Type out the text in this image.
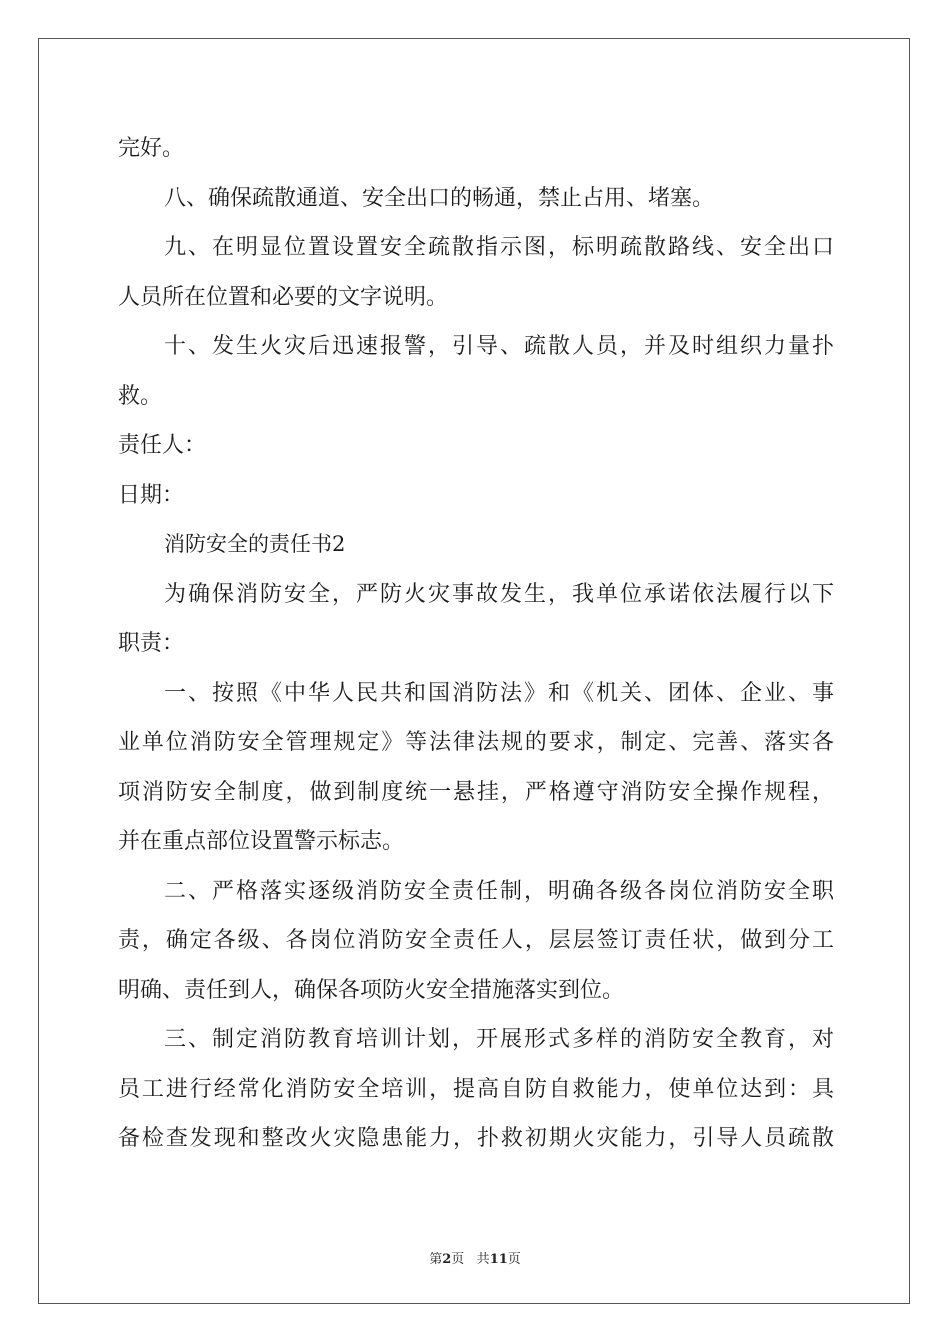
完好。
八、确保疏散通道、安全出口的畅通，禁止占用、堵塞。
九、在明显位置设置安全疏散指示图，标明疏散路线、安全出口
人员所在位置和必要的文字说明。
十、发生火灾后迅速报警，引导、疏散人员，并及时组织力量扑
救。
责任人：
日期：
消防安全的责任书2
为确保消防安全，严防火灾事故发生，我单位承诺依法履行以下
职责：
一、按照《中华人民共和国消防法》和《机关、团体、企业、事
业单位消防安全管理规定》等法律法规的要求，制定、完善、落实各
项消防安全制度，做到制度统一悬挂，严格遵守消防安全操作规程，
并在重点部位设置警示标志。
二、严格落实逐级消防安全责任制，明确各级各岗位消防安全职
责，确定各级、各岗位消防安全责任人，层层签订责任状，做到分工
明确、责任到人，确保各项防火安全措施落实到位。
三、制定消防教育培训计划，开展形式多样的消防安全教育，对
员工进行经常化消防安全培训，提高自防自救能力，使单位达到：具
备检查发现和整改火灾隐患能力，扑救初期火灾能力，引导人员疏散
第2页 共11页
